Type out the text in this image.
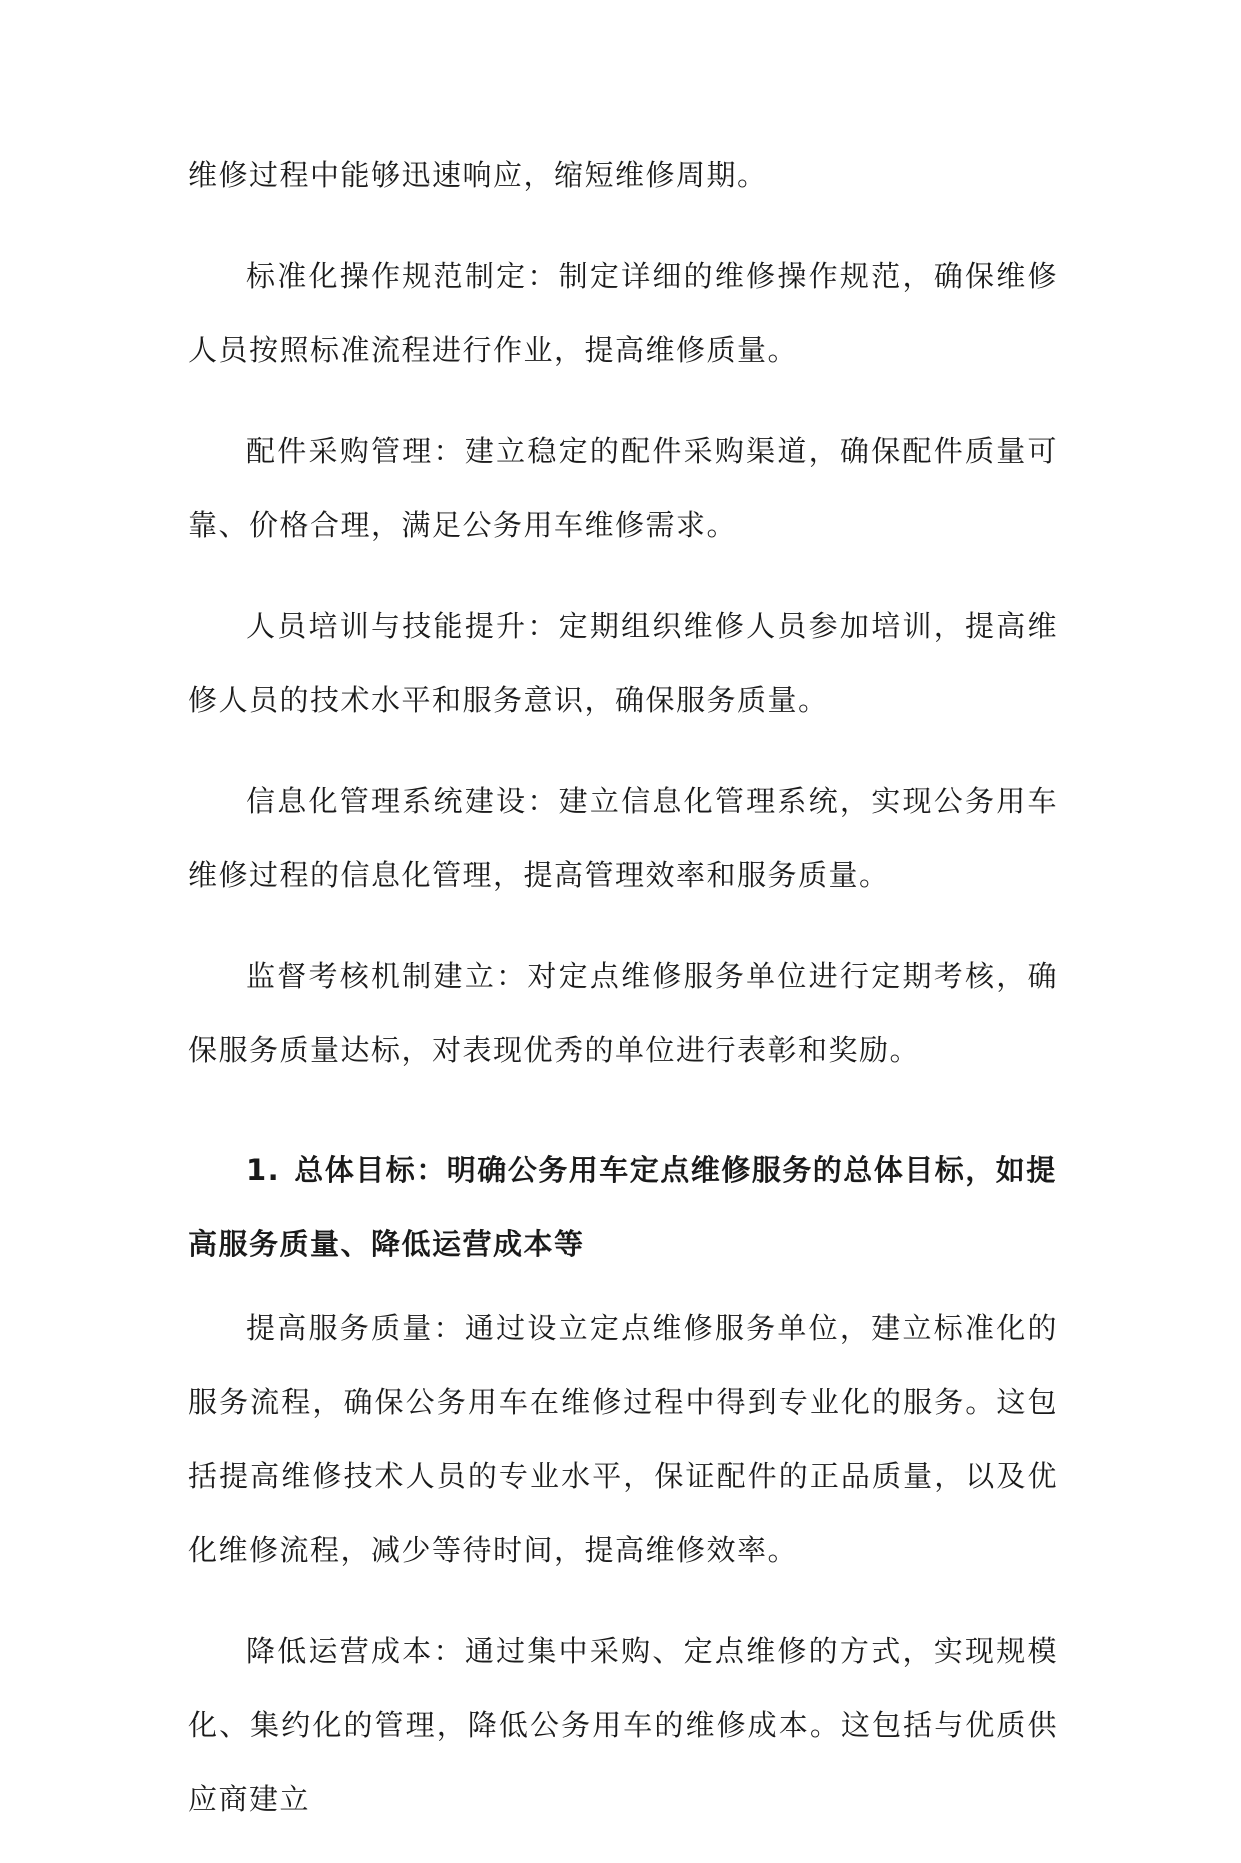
维修过程中能够迅速响应，缩短维修周期。

标准化操作规范制定：制定详细的维修操作规范，确保维修人员按照标准流程进行作业，提高维修质量。

配件采购管理：建立稳定的配件采购渠道，确保配件质量可靠、价格合理，满足公务用车维修需求。

人员培训与技能提升：定期组织维修人员参加培训，提高维修人员的技术水平和服务意识，确保服务质量。

信息化管理系统建设：建立信息化管理系统，实现公务用车维修过程的信息化管理，提高管理效率和服务质量。

监督考核机制建立：对定点维修服务单位进行定期考核，确保服务质量达标，对表现优秀的单位进行表彰和奖励。

1. 总体目标：明确公务用车定点维修服务的总体目标，如提高服务质量、降低运营成本等

提高服务质量：通过设立定点维修服务单位，建立标准化的服务流程，确保公务用车在维修过程中得到专业化的服务。这包括提高维修技术人员的专业水平，保证配件的正品质量，以及优化维修流程，减少等待时间，提高维修效率。

降低运营成本：通过集中采购、定点维修的方式，实现规模化、集约化的管理，降低公务用车的维修成本。这包括与优质供应商建立
